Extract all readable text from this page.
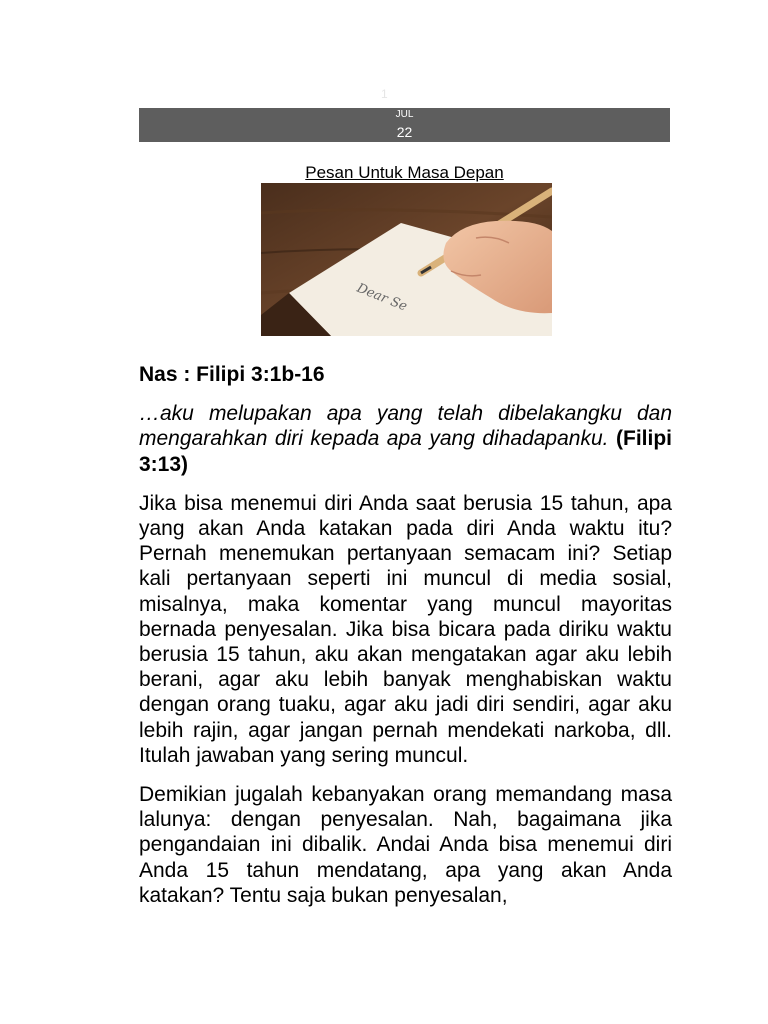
1
JUL
22
Pesan Untuk Masa Depan
Dear Se

Nas : Filipi 3:1b-16

…aku melupakan apa yang telah dibelakangku dan mengarahkan diri kepada apa yang dihadapanku. (Filipi 3:13)

Jika bisa menemui diri Anda saat berusia 15 tahun, apa yang akan Anda katakan pada diri Anda waktu itu? Pernah menemukan pertanyaan semacam ini? Setiap kali pertanyaan seperti ini muncul di media sosial, misalnya, maka komentar yang muncul mayoritas bernada penyesalan. Jika bisa bicara pada diriku waktu berusia 15 tahun, aku akan mengatakan agar aku lebih berani, agar aku lebih banyak menghabiskan waktu dengan orang tuaku, agar aku jadi diri sendiri, agar aku lebih rajin, agar jangan pernah mendekati narkoba, dll. Itulah jawaban yang sering muncul.

Demikian jugalah kebanyakan orang memandang masa lalunya: dengan penyesalan. Nah, bagaimana jika pengandaian ini dibalik. Andai Anda bisa menemui diri Anda 15 tahun mendatang, apa yang akan Anda katakan? Tentu saja bukan penyesalan,
